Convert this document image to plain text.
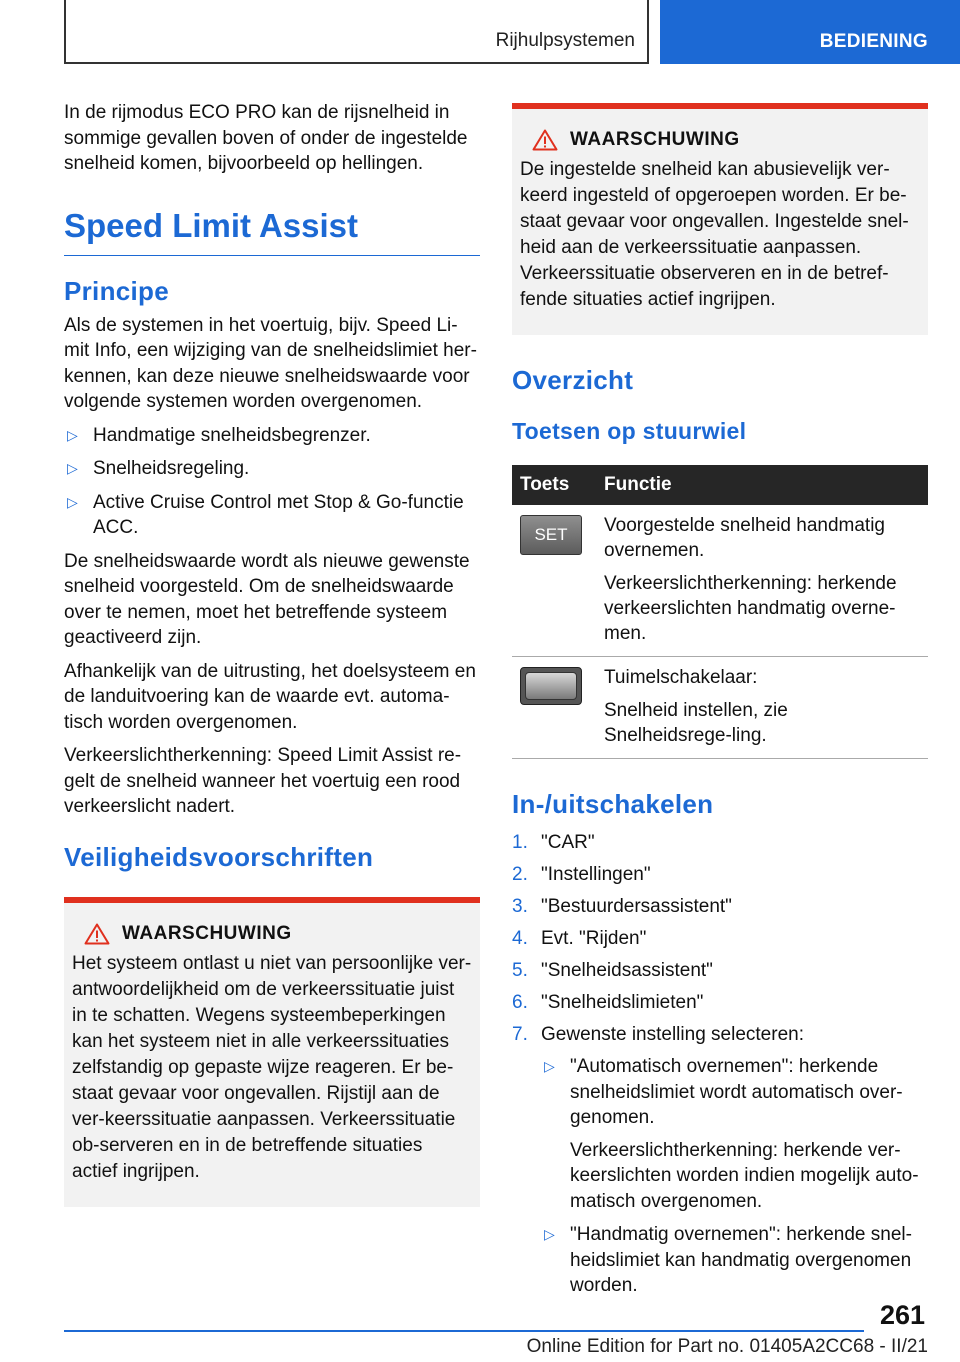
Rijhulpsystemen	BEDIENING

In de rijmodus ECO PRO kan de rijsnelheid in sommige gevallen boven of onder de ingestelde snelheid komen, bijvoorbeeld op hellingen.

Speed Limit Assist
Principe

Als de systemen in het voertuig, bijv. Speed Li-mit Info, een wijziging van de snelheidslimiet her-kennen, kan deze nieuwe snelheidswaarde voor volgende systemen worden overgenomen.

▷ Handmatige snelheidsbegrenzer.
▷ Snelheidsregeling.
▷ Active Cruise Control met Stop & Go-functie ACC.

De snelheidswaarde wordt als nieuwe gewenste snelheid voorgesteld. Om de snelheidswaarde over te nemen, moet het betreffende systeem geactiveerd zijn.

Afhankelijk van de uitrusting, het doelsysteem en de landuitvoering kan de waarde evt. automa-tisch worden overgenomen.

Verkeerslichtherkenning: Speed Limit Assist re-gelt de snelheid wanneer het voertuig een rood verkeerslicht nadert.

Veiligheidsvoorschriften
WAARSCHUWING
Het systeem ontlast u niet van persoonlijke ver-antwoordelijkheid om de verkeerssituatie juist in te schatten. Wegens systeembeperkingen kan het systeem niet in alle verkeerssituaties zelfstandig op gepaste wijze reageren. Er be-staat gevaar voor ongevallen. Rijstijl aan de ver-keerssituatie aanpassen. Verkeerssituatie ob-serveren en in de betreffende situaties actief ingrijpen.
WAARSCHUWING
De ingestelde snelheid kan abusievelijk ver-keerd ingesteld of opgeroepen worden. Er be-staat gevaar voor ongevallen. Ingestelde snel-heid aan de verkeerssituatie aanpassen. Verkeerssituatie observeren en in de betref-fende situaties actief ingrijpen.
Overzicht
Toetsen op stuurwiel
Toets	Functie

SET	Voorgestelde snelheid handmatig overnemen.

Verkeerslichtherkenning: herkende verkeerslichten handmatig overne-men.

	Tuimelschakelaar:

Snelheid instellen, zie Snelheidsrege-ling.

In-/uitschakelen
1. "CAR"
2. "Instellingen"
3. "Bestuurdersassistent"
4. Evt. "Rijden"
5. "Snelheidsassistent"
6. "Snelheidslimieten"
7. Gewenste instelling selecteren:
▷ "Automatisch overnemen": herkende snelheidslimiet wordt automatisch over-genomen.

Verkeerslichtherkenning: herkende ver-keerslichten worden indien mogelijk auto-matisch overgenomen.

▷ "Handmatig overnemen": herkende snel-heidslimiet kan handmatig overgenomen worden.

261
Online Edition for Part no. 01405A2CC68 - II/21
